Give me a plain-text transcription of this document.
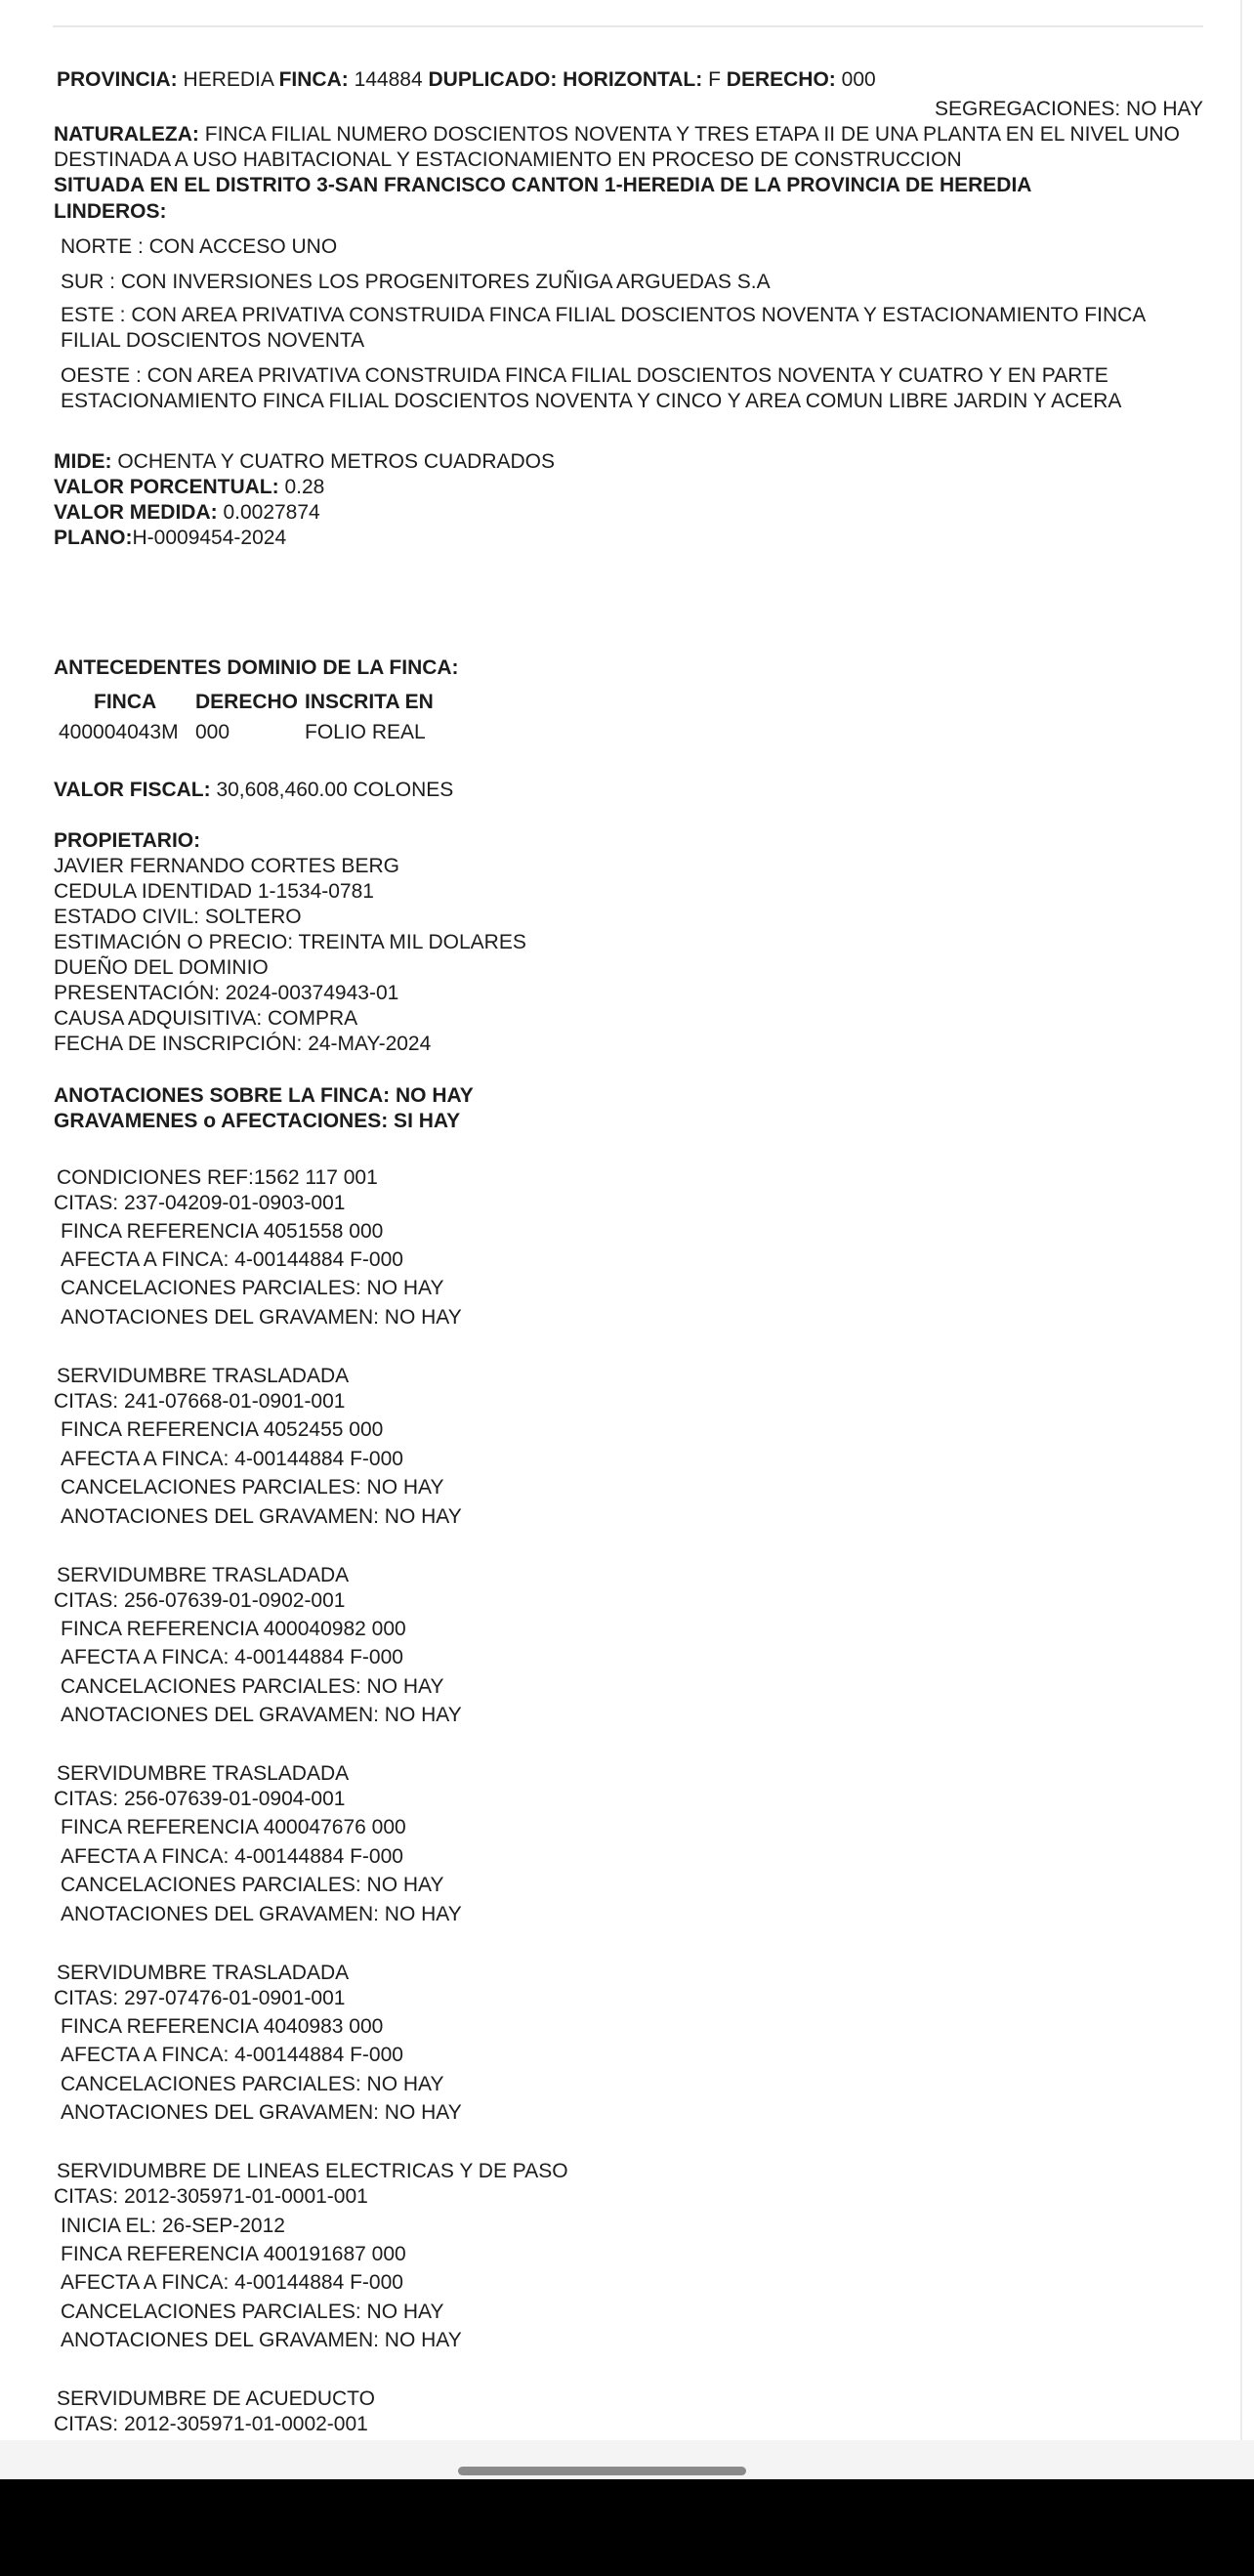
PROVINCIA: HEREDIA FINCA: 144884 DUPLICADO: HORIZONTAL: F DERECHO: 000
SEGREGACIONES: NO HAY
NATURALEZA: FINCA FILIAL NUMERO DOSCIENTOS NOVENTA Y TRES ETAPA II DE UNA PLANTA EN EL NIVEL UNO DESTINADA A USO HABITACIONAL Y ESTACIONAMIENTO EN PROCESO DE CONSTRUCCION
SITUADA EN EL DISTRITO 3-SAN FRANCISCO CANTON 1-HEREDIA DE LA PROVINCIA DE HEREDIA
LINDEROS:
NORTE : CON ACCESO UNO
SUR : CON INVERSIONES LOS PROGENITORES ZUÑIGA ARGUEDAS S.A
ESTE : CON AREA PRIVATIVA CONSTRUIDA FINCA FILIAL DOSCIENTOS NOVENTA Y ESTACIONAMIENTO FINCA FILIAL DOSCIENTOS NOVENTA
OESTE : CON AREA PRIVATIVA CONSTRUIDA FINCA FILIAL DOSCIENTOS NOVENTA Y CUATRO Y EN PARTE ESTACIONAMIENTO FINCA FILIAL DOSCIENTOS NOVENTA Y CINCO Y AREA COMUN LIBRE JARDIN Y ACERA
MIDE: OCHENTA Y CUATRO METROS CUADRADOS
VALOR PORCENTUAL: 0.28
VALOR MEDIDA: 0.0027874
PLANO:H-0009454-2024
ANTECEDENTES DOMINIO DE LA FINCA:
FINCA DERECHO INSCRITA EN
400004043M 000	FOLIO REAL
VALOR FISCAL: 30,608,460.00 COLONES
PROPIETARIO:
JAVIER FERNANDO CORTES BERG
CEDULA IDENTIDAD 1-1534-0781
ESTADO CIVIL: SOLTERO
ESTIMACIÓN O PRECIO: TREINTA MIL DOLARES
DUEÑO DEL DOMINIO
PRESENTACIÓN: 2024-00374943-01
CAUSA ADQUISITIVA: COMPRA
FECHA DE INSCRIPCIÓN: 24-MAY-2024
ANOTACIONES SOBRE LA FINCA: NO HAY
GRAVAMENES o AFECTACIONES: SI HAY
CONDICIONES REF:1562 117 001
CITAS: 237-04209-01-0903-001
FINCA REFERENCIA 4051558 000
AFECTA A FINCA: 4-00144884 F-000
CANCELACIONES PARCIALES: NO HAY
ANOTACIONES DEL GRAVAMEN: NO HAY
SERVIDUMBRE TRASLADADA
CITAS: 241-07668-01-0901-001
FINCA REFERENCIA 4052455 000
AFECTA A FINCA: 4-00144884 F-000
CANCELACIONES PARCIALES: NO HAY
ANOTACIONES DEL GRAVAMEN: NO HAY
SERVIDUMBRE TRASLADADA
CITAS: 256-07639-01-0902-001
FINCA REFERENCIA 400040982 000
AFECTA A FINCA: 4-00144884 F-000
CANCELACIONES PARCIALES: NO HAY
ANOTACIONES DEL GRAVAMEN: NO HAY
SERVIDUMBRE TRASLADADA
CITAS: 256-07639-01-0904-001
FINCA REFERENCIA 400047676 000
AFECTA A FINCA: 4-00144884 F-000
CANCELACIONES PARCIALES: NO HAY
ANOTACIONES DEL GRAVAMEN: NO HAY
SERVIDUMBRE TRASLADADA
CITAS: 297-07476-01-0901-001
FINCA REFERENCIA 4040983 000
AFECTA A FINCA: 4-00144884 F-000
CANCELACIONES PARCIALES: NO HAY
ANOTACIONES DEL GRAVAMEN: NO HAY
SERVIDUMBRE DE LINEAS ELECTRICAS Y DE PASO
CITAS: 2012-305971-01-0001-001
INICIA EL: 26-SEP-2012
FINCA REFERENCIA 400191687 000
AFECTA A FINCA: 4-00144884 F-000
CANCELACIONES PARCIALES: NO HAY
ANOTACIONES DEL GRAVAMEN: NO HAY
SERVIDUMBRE DE ACUEDUCTO
CITAS: 2012-305971-01-0002-001
